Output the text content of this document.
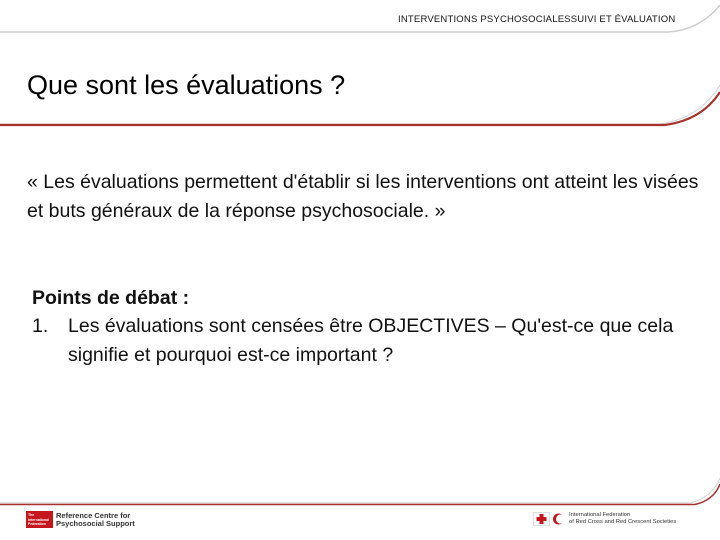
INTERVENTIONS PSYCHOSOCIALESSUIVI ET ÉVALUATION
Que sont les évaluations ?

« Les évaluations permettent d'établir si les interventions ont atteint les visées et buts généraux de la réponse psychosociale. »

Points de débat :
1.	Les évaluations sont censées être OBJECTIVES – Qu'est-ce que cela signifie et pourquoi est-ce important ?
The International Federation
Reference Centre for
Psychosocial Support
International Federation
of Red Cross and Red Crescent Societies
